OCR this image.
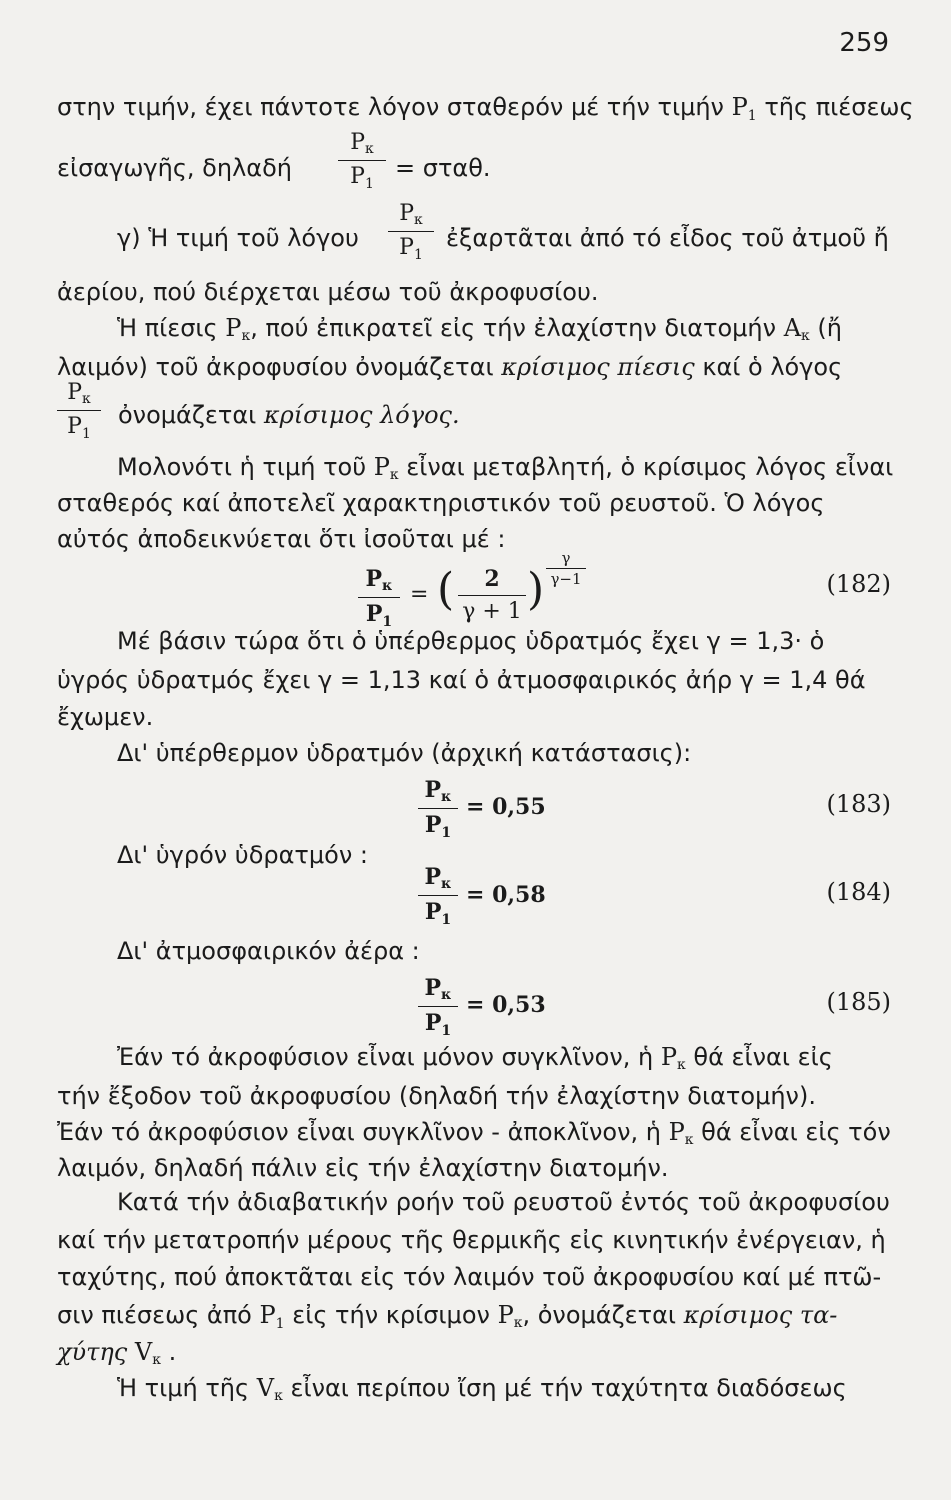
259
στην τιμήν, έχει πάντοτε λόγον σταθερόν μέ τήν τιμήν $P_1$ τῆς πιέσεως
εἰσαγωγῆς, δηλαδή
Pκ
$P_1$
= σταθ.
γ) Ἡ τιμή τοῦ λόγου
Pκ
$P_1$
ἐξαρτᾶται ἀπό τό εἶδος τοῦ ἀτμοῦ ἤ
ἀερίου, πού διέρχεται μέσω τοῦ ἀκροφυσίου.
Ἡ πίεσις Pκ, πού ἐπικρατεῖ εἰς τήν ἐλαχίστην διατομήν Aκ (ἤ
λαιμόν) τοῦ ἀκροφυσίου ὀνομάζεται κρίσιμος πίεσις καί ὁ λόγος
Pκ
$P_1$
ὀνομάζεται κρίσιμος λόγος.
Μολονότι ἡ τιμή τοῦ Pκ εἶναι μεταβλητή, ὁ κρίσιμος λόγος εἶναι
σταθερός καί ἀποτελεῖ χαρακτηριστικόν τοῦ ρευστοῦ. Ὁ λόγος
αὐτός ἀποδεικνύεται ὅτι ἰσοῦται μέ :
Pκ
$P_1$
= (	2
γ + 1 )
γ
γ−1	(182)
Μέ βάσιν τώρα ὅτι ὁ ὑπέρθερμος ὑδρατμός ἔχει γ = 1,3· ὁ
ὑγρός ὑδρατμός ἔχει γ = 1,13 καί ὁ ἀτμοσφαιρικός ἀήρ γ = 1,4 θά
ἔχωμεν.
Δι' ὑπέρθερμον ὑδρατμόν (ἀρχική κατάστασις):
Pκ
$P_1$
= 0,55	(183)
Δι' ὑγρόν ὑδρατμόν :
Pκ
$P_1$
= 0,58	(184)
Δι' ἀτμοσφαιρικόν ἀέρα :
Pκ
$P_1$
= 0,53	(185)
Ἐάν τό ἀκροφύσιον εἶναι μόνον συγκλῖνον, ἡ Pκ θά εἶναι εἰς
τήν ἔξοδον τοῦ ἀκροφυσίου (δηλαδή τήν ἐλαχίστην διατομήν).
Ἐάν τό ἀκροφύσιον εἶναι συγκλῖνον - ἀποκλῖνον, ἡ Pκ θά εἶναι εἰς τόν
λαιμόν, δηλαδή πάλιν εἰς τήν ἐλαχίστην διατομήν.
Κατά τήν ἀδιαβατικήν ροήν τοῦ ρευστοῦ ἐντός τοῦ ἀκροφυσίου
καί τήν μετατροπήν μέρους τῆς θερμικῆς εἰς κινητικήν ἐνέργειαν, ἡ
ταχύτης, πού ἀποκτᾶται εἰς τόν λαιμόν τοῦ ἀκροφυσίου καί μέ πτῶ-
σιν πιέσεως ἀπό $P_1$ εἰς τήν κρίσιμον Pκ, ὀνομάζεται κρίσιμος τα-
χύτης Vκ .
Ἡ τιμή τῆς Vκ εἶναι περίπου ἴση μέ τήν ταχύτητα διαδόσεως
